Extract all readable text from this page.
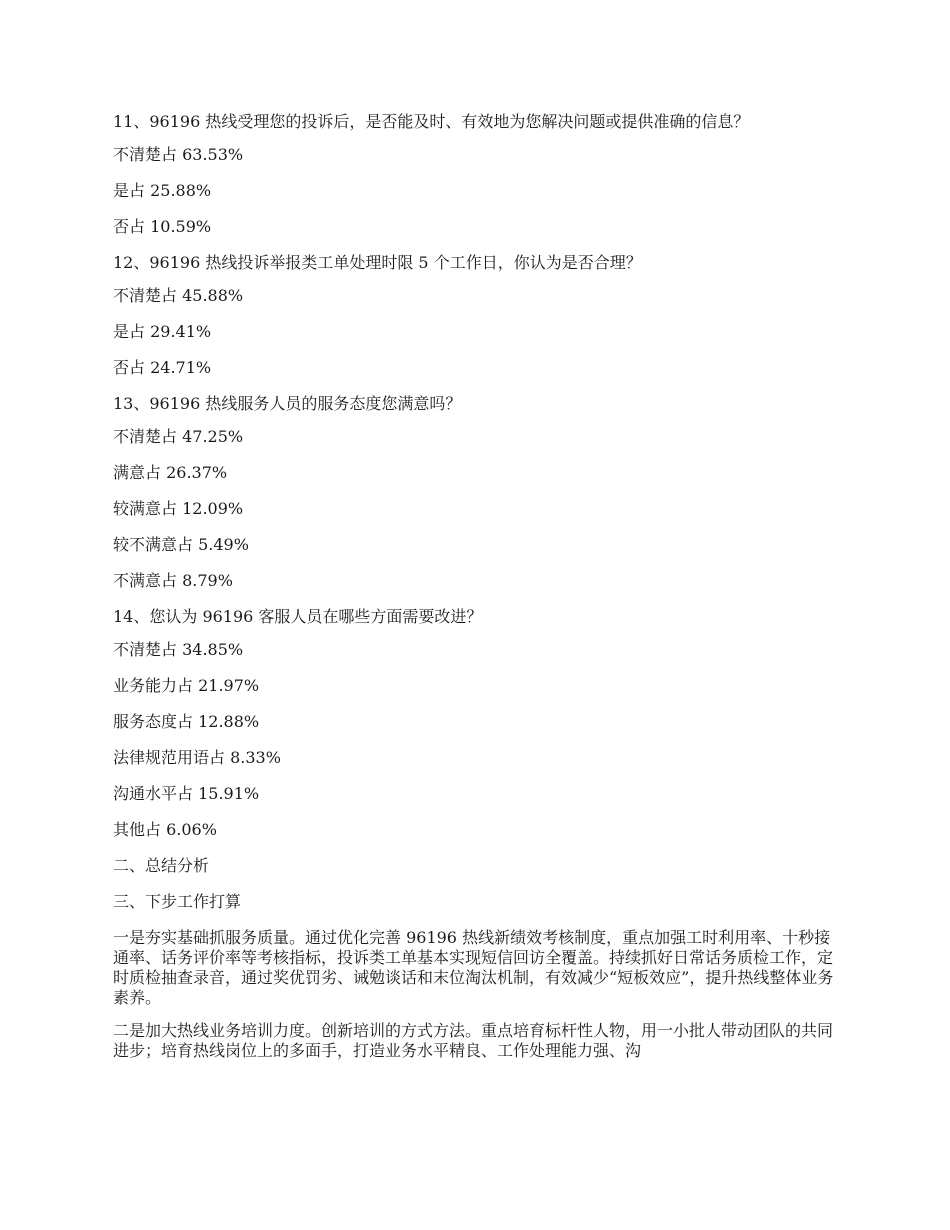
11、96196 热线受理您的投诉后，是否能及时、有效地为您解决问题或提供准确的信息？

不清楚占 63.53%

是占 25.88%

否占 10.59%

12、96196 热线投诉举报类工单处理时限 5 个工作日，你认为是否合理？

不清楚占 45.88%

是占 29.41%

否占 24.71%

13、96196 热线服务人员的服务态度您满意吗？

不清楚占 47.25%

满意占 26.37%

较满意占 12.09%

较不满意占 5.49%

不满意占 8.79%

14、您认为 96196 客服人员在哪些方面需要改进？

不清楚占 34.85%

业务能力占 21.97%

服务态度占 12.88%

法律规范用语占 8.33%

沟通水平占 15.91%

其他占 6.06%

二、总结分析

三、下步工作打算

一是夯实基础抓服务质量。通过优化完善 96196 热线新绩效考核制度，重点加强工时利用率、十秒接通率、话务评价率等考核指标，投诉类工单基本实现短信回访全覆盖。持续抓好日常话务质检工作，定时质检抽查录音，通过奖优罚劣、诫勉谈话和末位淘汰机制，有效减少“短板效应”，提升热线整体业务素养。

二是加大热线业务培训力度。创新培训的方式方法。重点培育标杆性人物，用一小批人带动团队的共同进步；培育热线岗位上的多面手，打造业务水平精良、工作处理能力强、沟
